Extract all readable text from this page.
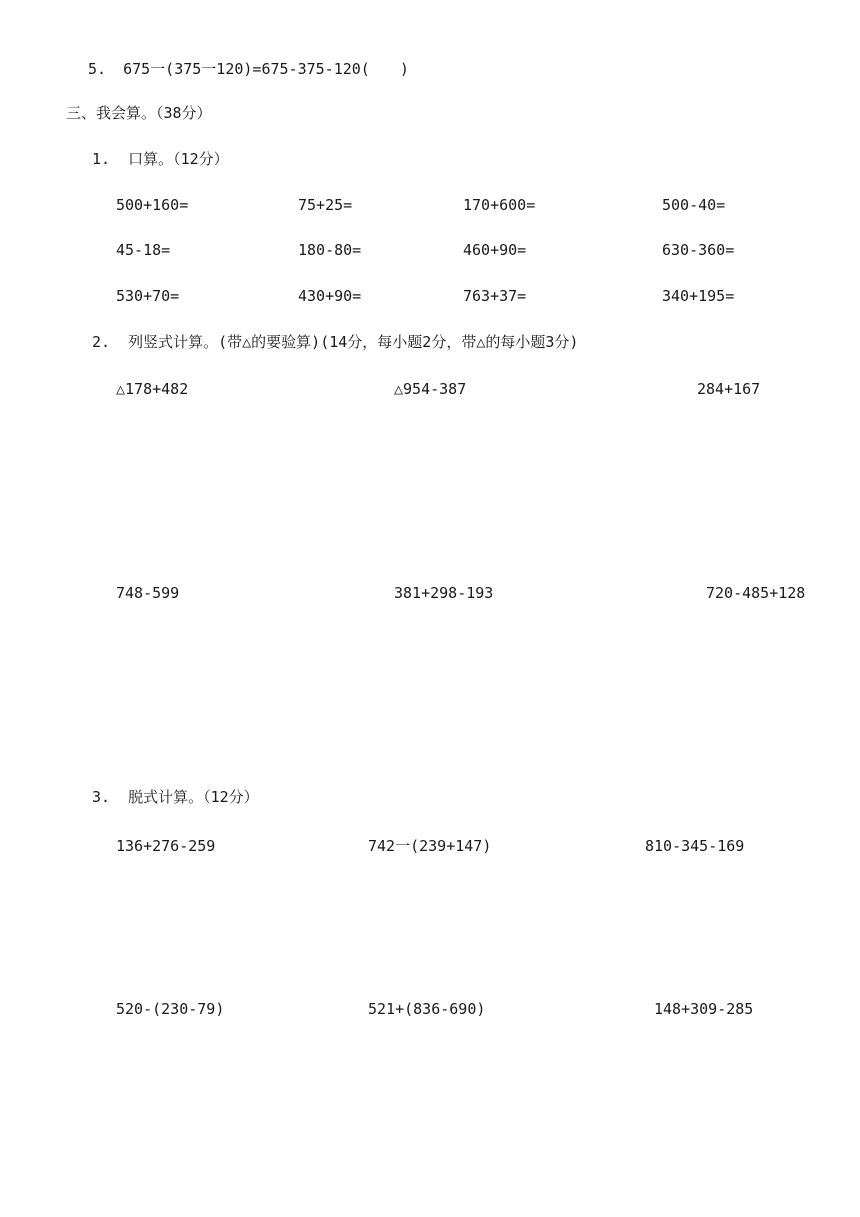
5. 675一(375一120)=675-375-120(　　)
三、我会算。（38分）
1.  口算。（12分）
500+160=	75+25=	170+600=	500-40=
45-18=	180-80=	460+90=	630-360=
530+70=	430+90=	763+37=	340+195=
2.  列竖式计算。(带△的要验算)(14分，每小题2分，带△的每小题3分)
△178+482	△954-387	284+167
748-599	381+298-193	720-485+128
3.  脱式计算。（12分）
136+276-259	742一(239+147)	810-345-169
520-(230-79)	521+(836-690)	148+309-285
